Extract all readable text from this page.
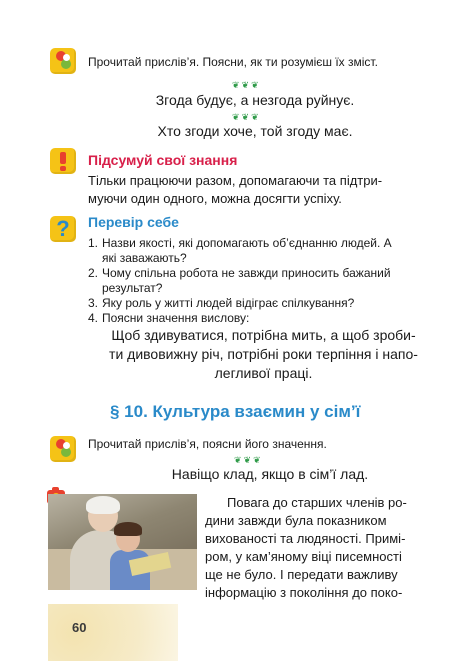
Прочитай прислів’я. Поясни, як ти розумієш їх зміст.
❦❦❦
Згода будує, а незгода руйнує.
❦❦❦
Хто згоди хоче, той згоду має.
Підсумуй свої знання
Тільки працюючи разом, допомагаючи та підтри-
муючи один одного, можна досягти успіху.
?	Перевір себе
1. Назви якості, які допомагають об’єднанню людей. А
які заважають?
2. Чому спільна робота не завжди приносить бажаний
результат?
3. Яку роль у житті людей відіграє спілкування?
4. Поясни значення вислову:
Щоб здивуватися, потрібна мить, а щоб зроби-
ти дивовижну річ, потрібні роки терпіння і напо-
легливої праці.
§ 10. Культура взаємин у сім’ї
Прочитай прислів’я, поясни його значення.
❦❦❦
Навіщо клад, якщо в сім’ї лад.
Повага до старших членів ро-
дини завжди була показником
вихованості та людяності. Примі-
ром, у кам’яному віці писемності
ще не було. І передати важливу
інформацію з покоління до поко-
60
